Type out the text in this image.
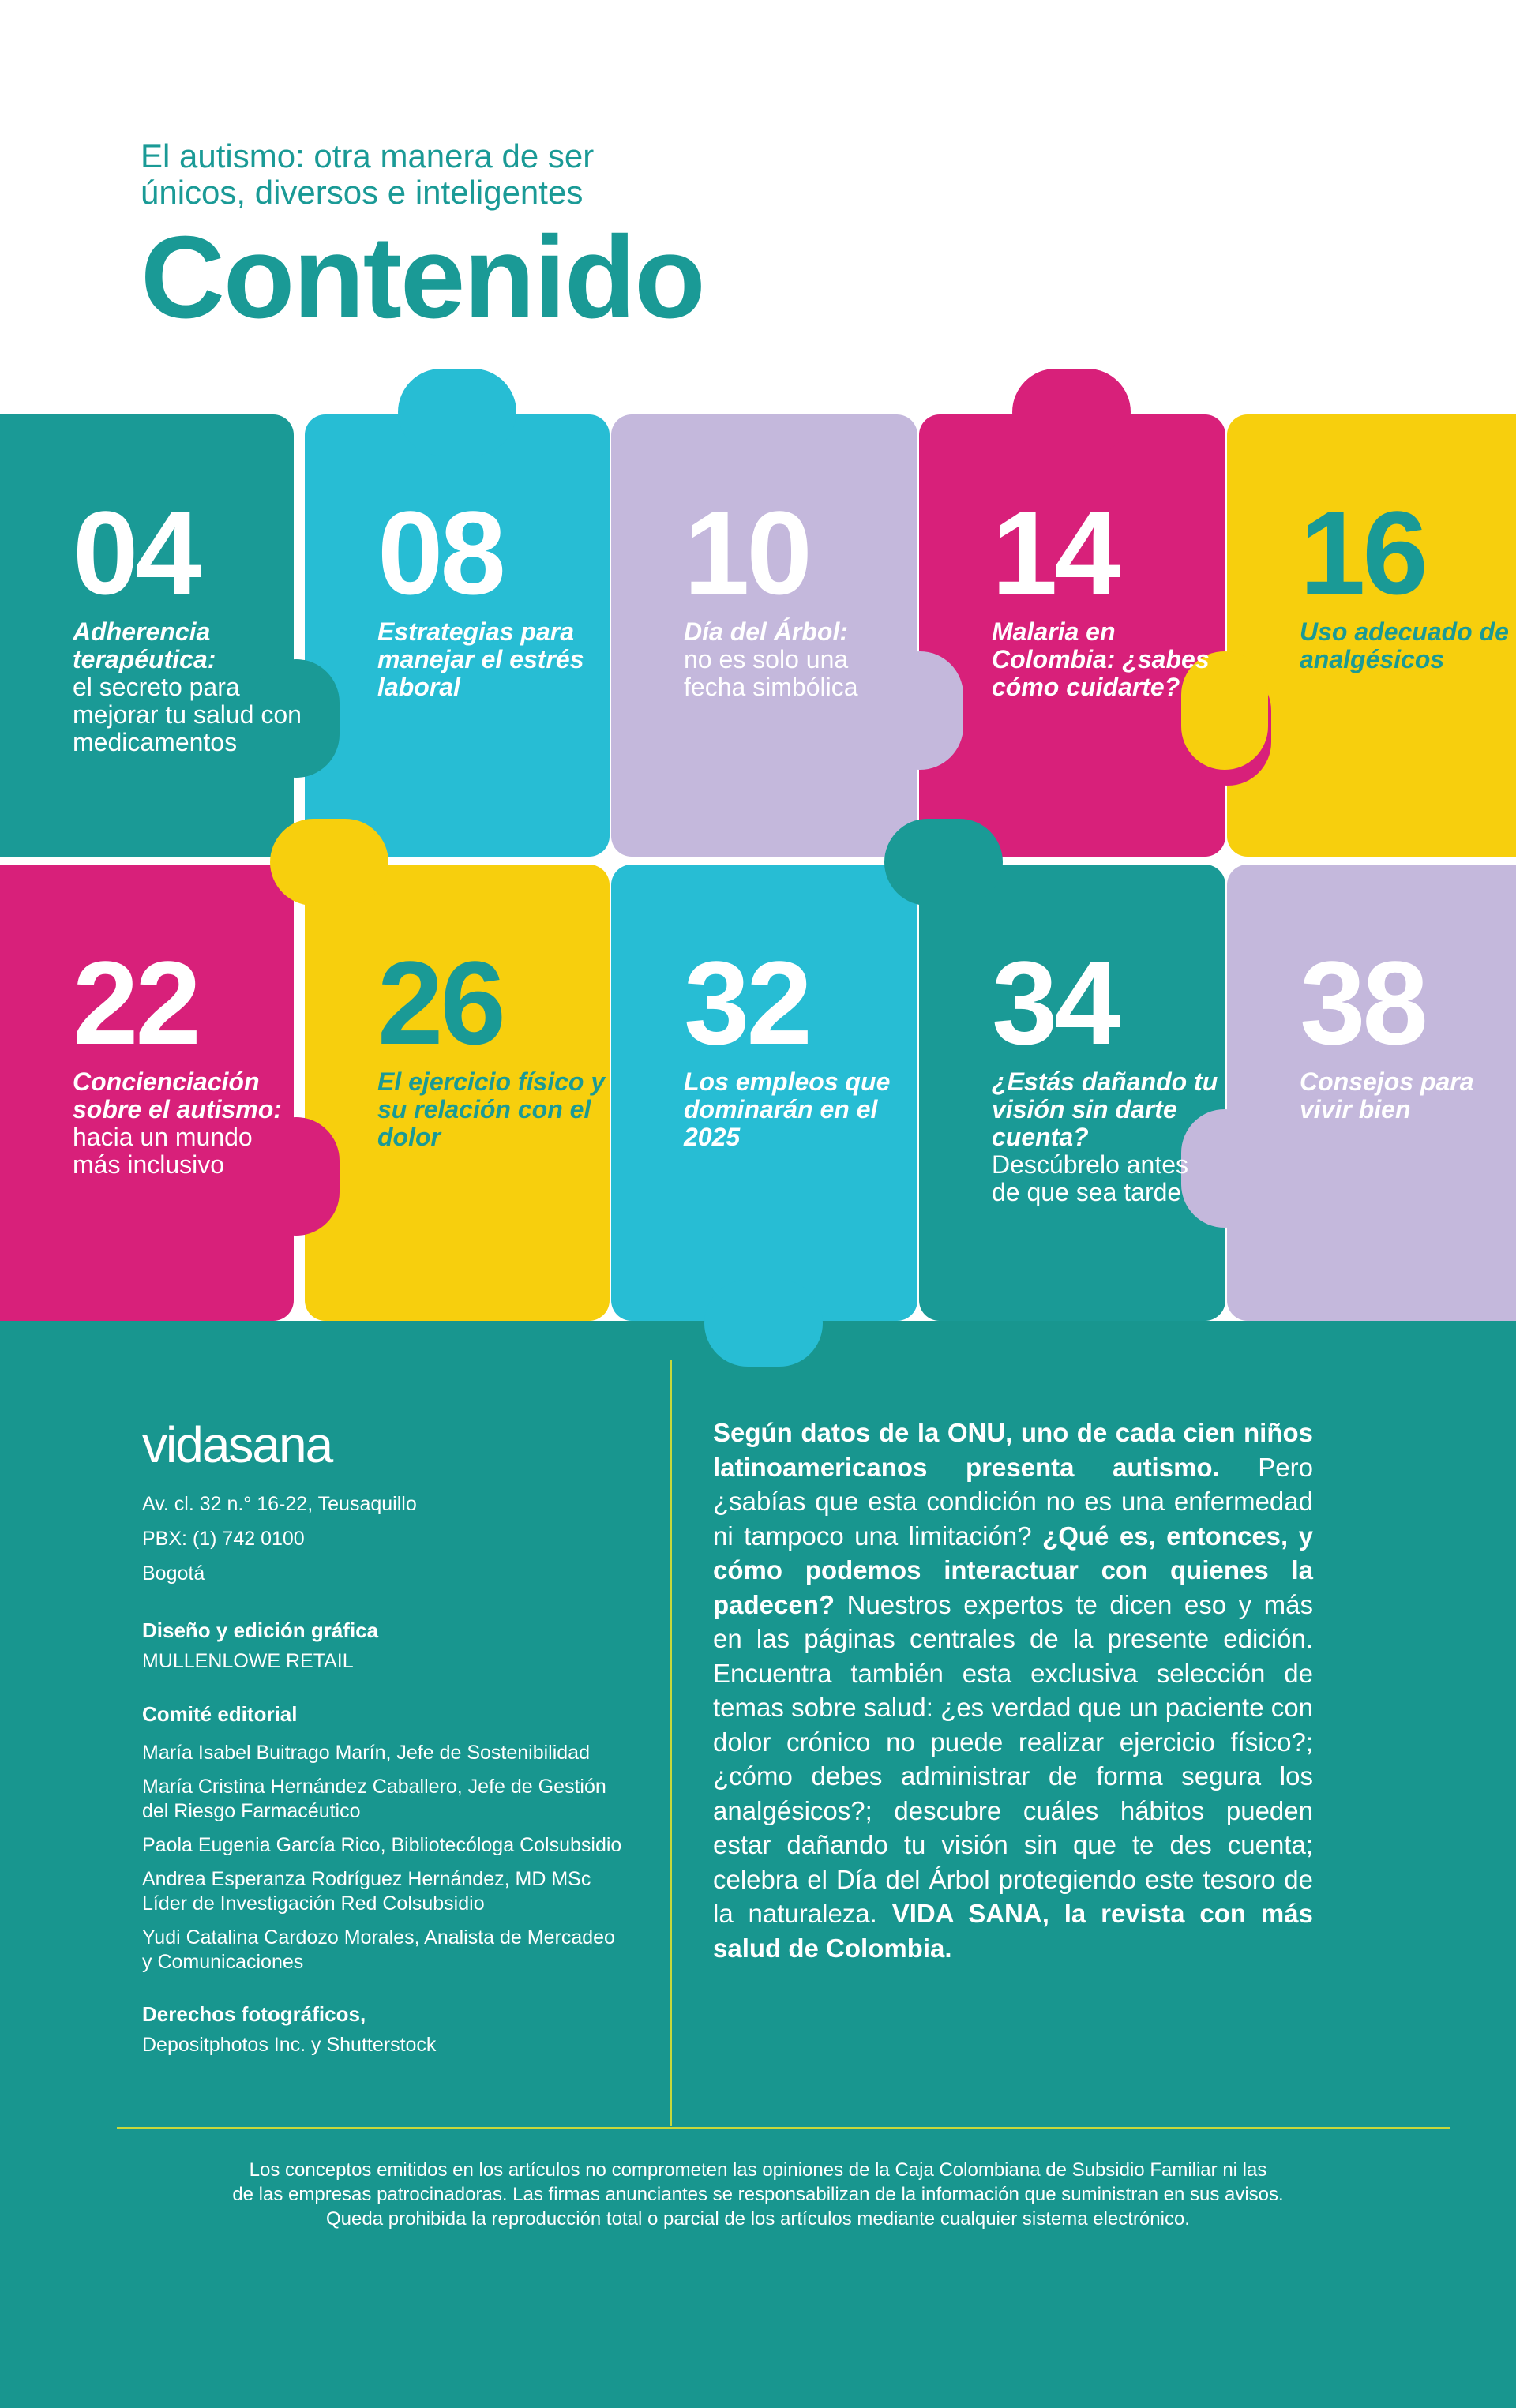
El autismo: otra manera de ser
únicos, diversos e inteligentes
Contenido
04
Adherencia terapéutica:
el secreto para mejorar tu salud con medicamentos
08
Estrategias para manejar el estrés laboral
10
Día del Árbol:
no es solo una fecha simbólica
14
Malaria en Colombia: ¿sabes cómo cuidarte?
16
Uso adecuado de analgésicos
22
Concienciación sobre el autismo:
hacia un mundo más inclusivo
26
El ejercicio físico y su relación con el dolor
32
Los empleos que dominarán en el 2025
34
¿Estás dañando tu visión sin darte cuenta?
Descúbrelo antes de que sea tarde
38
Consejos para vivir bien
vidasana
Av. cl. 32 n.° 16-22, Teusaquillo
PBX: (1) 742 0100
Bogotá
Diseño y edición gráfica
MULLENLOWE RETAIL
Comité editorial
María Isabel Buitrago Marín, Jefe de Sostenibilidad
María Cristina Hernández Caballero, Jefe de Gestión
del Riesgo Farmacéutico
Paola Eugenia García Rico, Bibliotecóloga Colsubsidio
Andrea Esperanza Rodríguez Hernández, MD MSc
Líder de Investigación Red Colsubsidio
Yudi Catalina Cardozo Morales, Analista de Mercadeo
y Comunicaciones
Derechos fotográficos,
Depositphotos Inc. y Shutterstock
Según datos de la ONU, uno de cada cien niños latinoamericanos presenta autismo. Pero ¿sabías que esta condición no es una enfermedad ni tampoco una limitación? ¿Qué es, entonces, y cómo podemos interactuar con quienes la padecen? Nuestros expertos te dicen eso y más en las páginas centrales de la presente edición. Encuentra también esta exclusiva selección de temas sobre salud: ¿es verdad que un paciente con dolor crónico no puede realizar ejercicio físico?; ¿cómo debes administrar de forma segura los analgésicos?; descubre cuáles hábitos pueden estar dañando tu visión sin que te des cuenta; celebra el Día del Árbol protegiendo este tesoro de la naturaleza. VIDA SANA, la revista con más salud de Colombia.
Los conceptos emitidos en los artículos no comprometen las opiniones de la Caja Colombiana de Subsidio Familiar ni las
de las empresas patrocinadoras. Las firmas anunciantes se responsabilizan de la información que suministran en sus avisos.
Queda prohibida la reproducción total o parcial de los artículos mediante cualquier sistema electrónico.
